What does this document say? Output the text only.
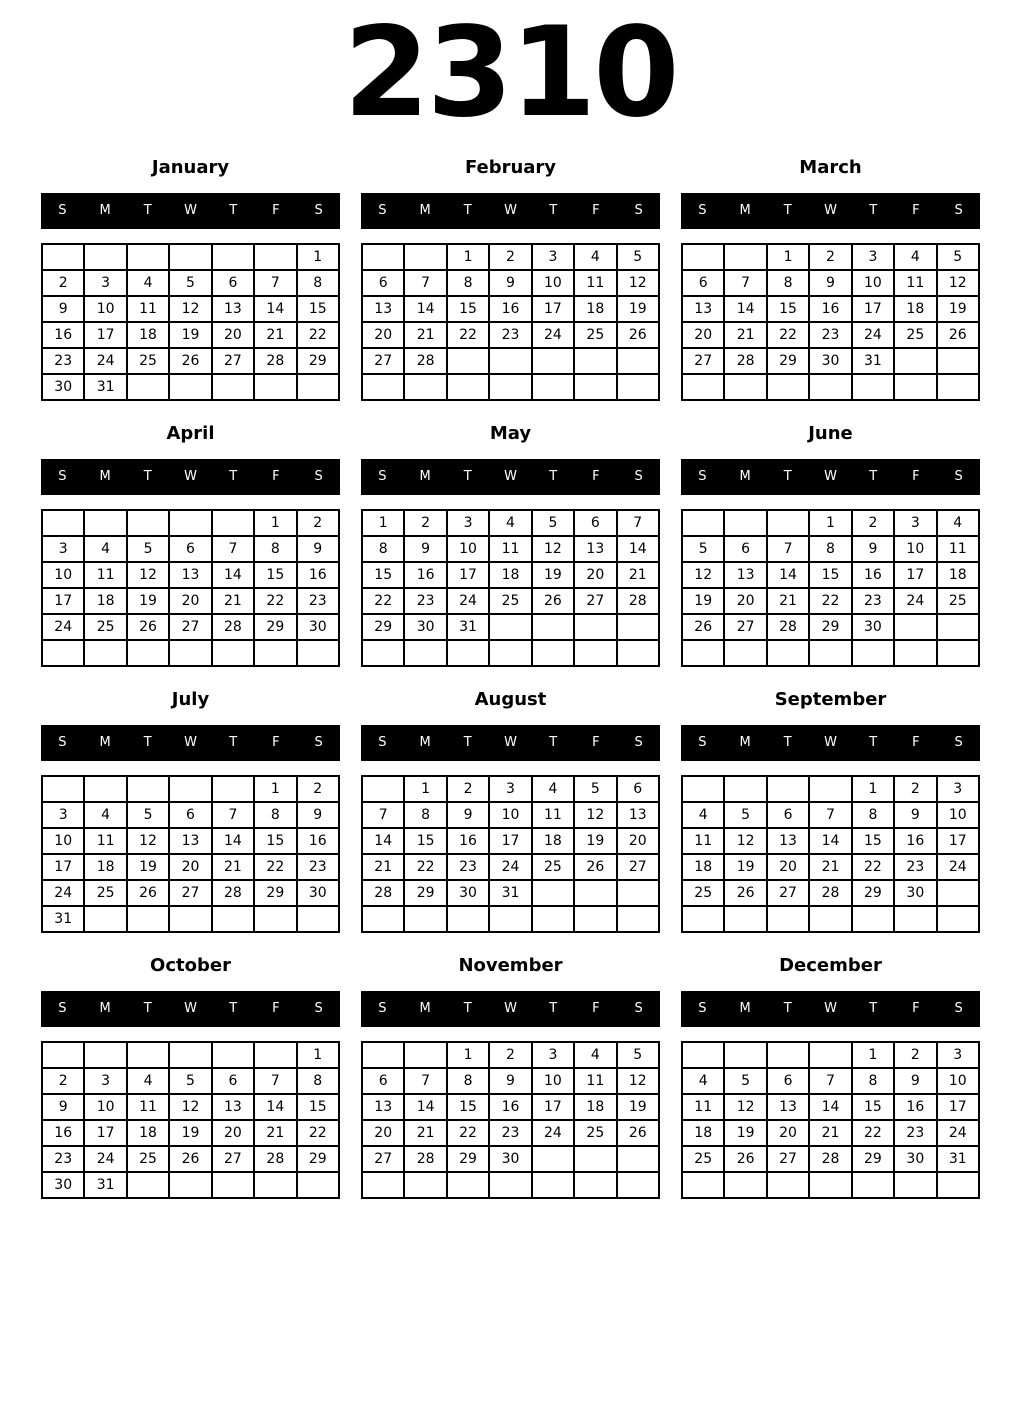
2310
January
S	M	T	W	T	F	S
						1
2	3	4	5	6	7	8
9	10	11	12	13	14	15
16	17	18	19	20	21	22
23	24	25	26	27	28	29
30	31					
February
S	M	T	W	T	F	S
		1	2	3	4	5
6	7	8	9	10	11	12
13	14	15	16	17	18	19
20	21	22	23	24	25	26
27	28					

March
S	M	T	W	T	F	S
		1	2	3	4	5
6	7	8	9	10	11	12
13	14	15	16	17	18	19
20	21	22	23	24	25	26
27	28	29	30	31		

April
S	M	T	W	T	F	S
					1	2
3	4	5	6	7	8	9
10	11	12	13	14	15	16
17	18	19	20	21	22	23
24	25	26	27	28	29	30

May
S	M	T	W	T	F	S
1	2	3	4	5	6	7
8	9	10	11	12	13	14
15	16	17	18	19	20	21
22	23	24	25	26	27	28
29	30	31				

June
S	M	T	W	T	F	S
			1	2	3	4
5	6	7	8	9	10	11
12	13	14	15	16	17	18
19	20	21	22	23	24	25
26	27	28	29	30		

July
S	M	T	W	T	F	S
					1	2
3	4	5	6	7	8	9
10	11	12	13	14	15	16
17	18	19	20	21	22	23
24	25	26	27	28	29	30
31						
August
S	M	T	W	T	F	S
	1	2	3	4	5	6
7	8	9	10	11	12	13
14	15	16	17	18	19	20
21	22	23	24	25	26	27
28	29	30	31			

September
S	M	T	W	T	F	S
				1	2	3
4	5	6	7	8	9	10
11	12	13	14	15	16	17
18	19	20	21	22	23	24
25	26	27	28	29	30	

October
S	M	T	W	T	F	S
						1
2	3	4	5	6	7	8
9	10	11	12	13	14	15
16	17	18	19	20	21	22
23	24	25	26	27	28	29
30	31					
November
S	M	T	W	T	F	S
		1	2	3	4	5
6	7	8	9	10	11	12
13	14	15	16	17	18	19
20	21	22	23	24	25	26
27	28	29	30			

December
S	M	T	W	T	F	S
				1	2	3
4	5	6	7	8	9	10
11	12	13	14	15	16	17
18	19	20	21	22	23	24
25	26	27	28	29	30	31
